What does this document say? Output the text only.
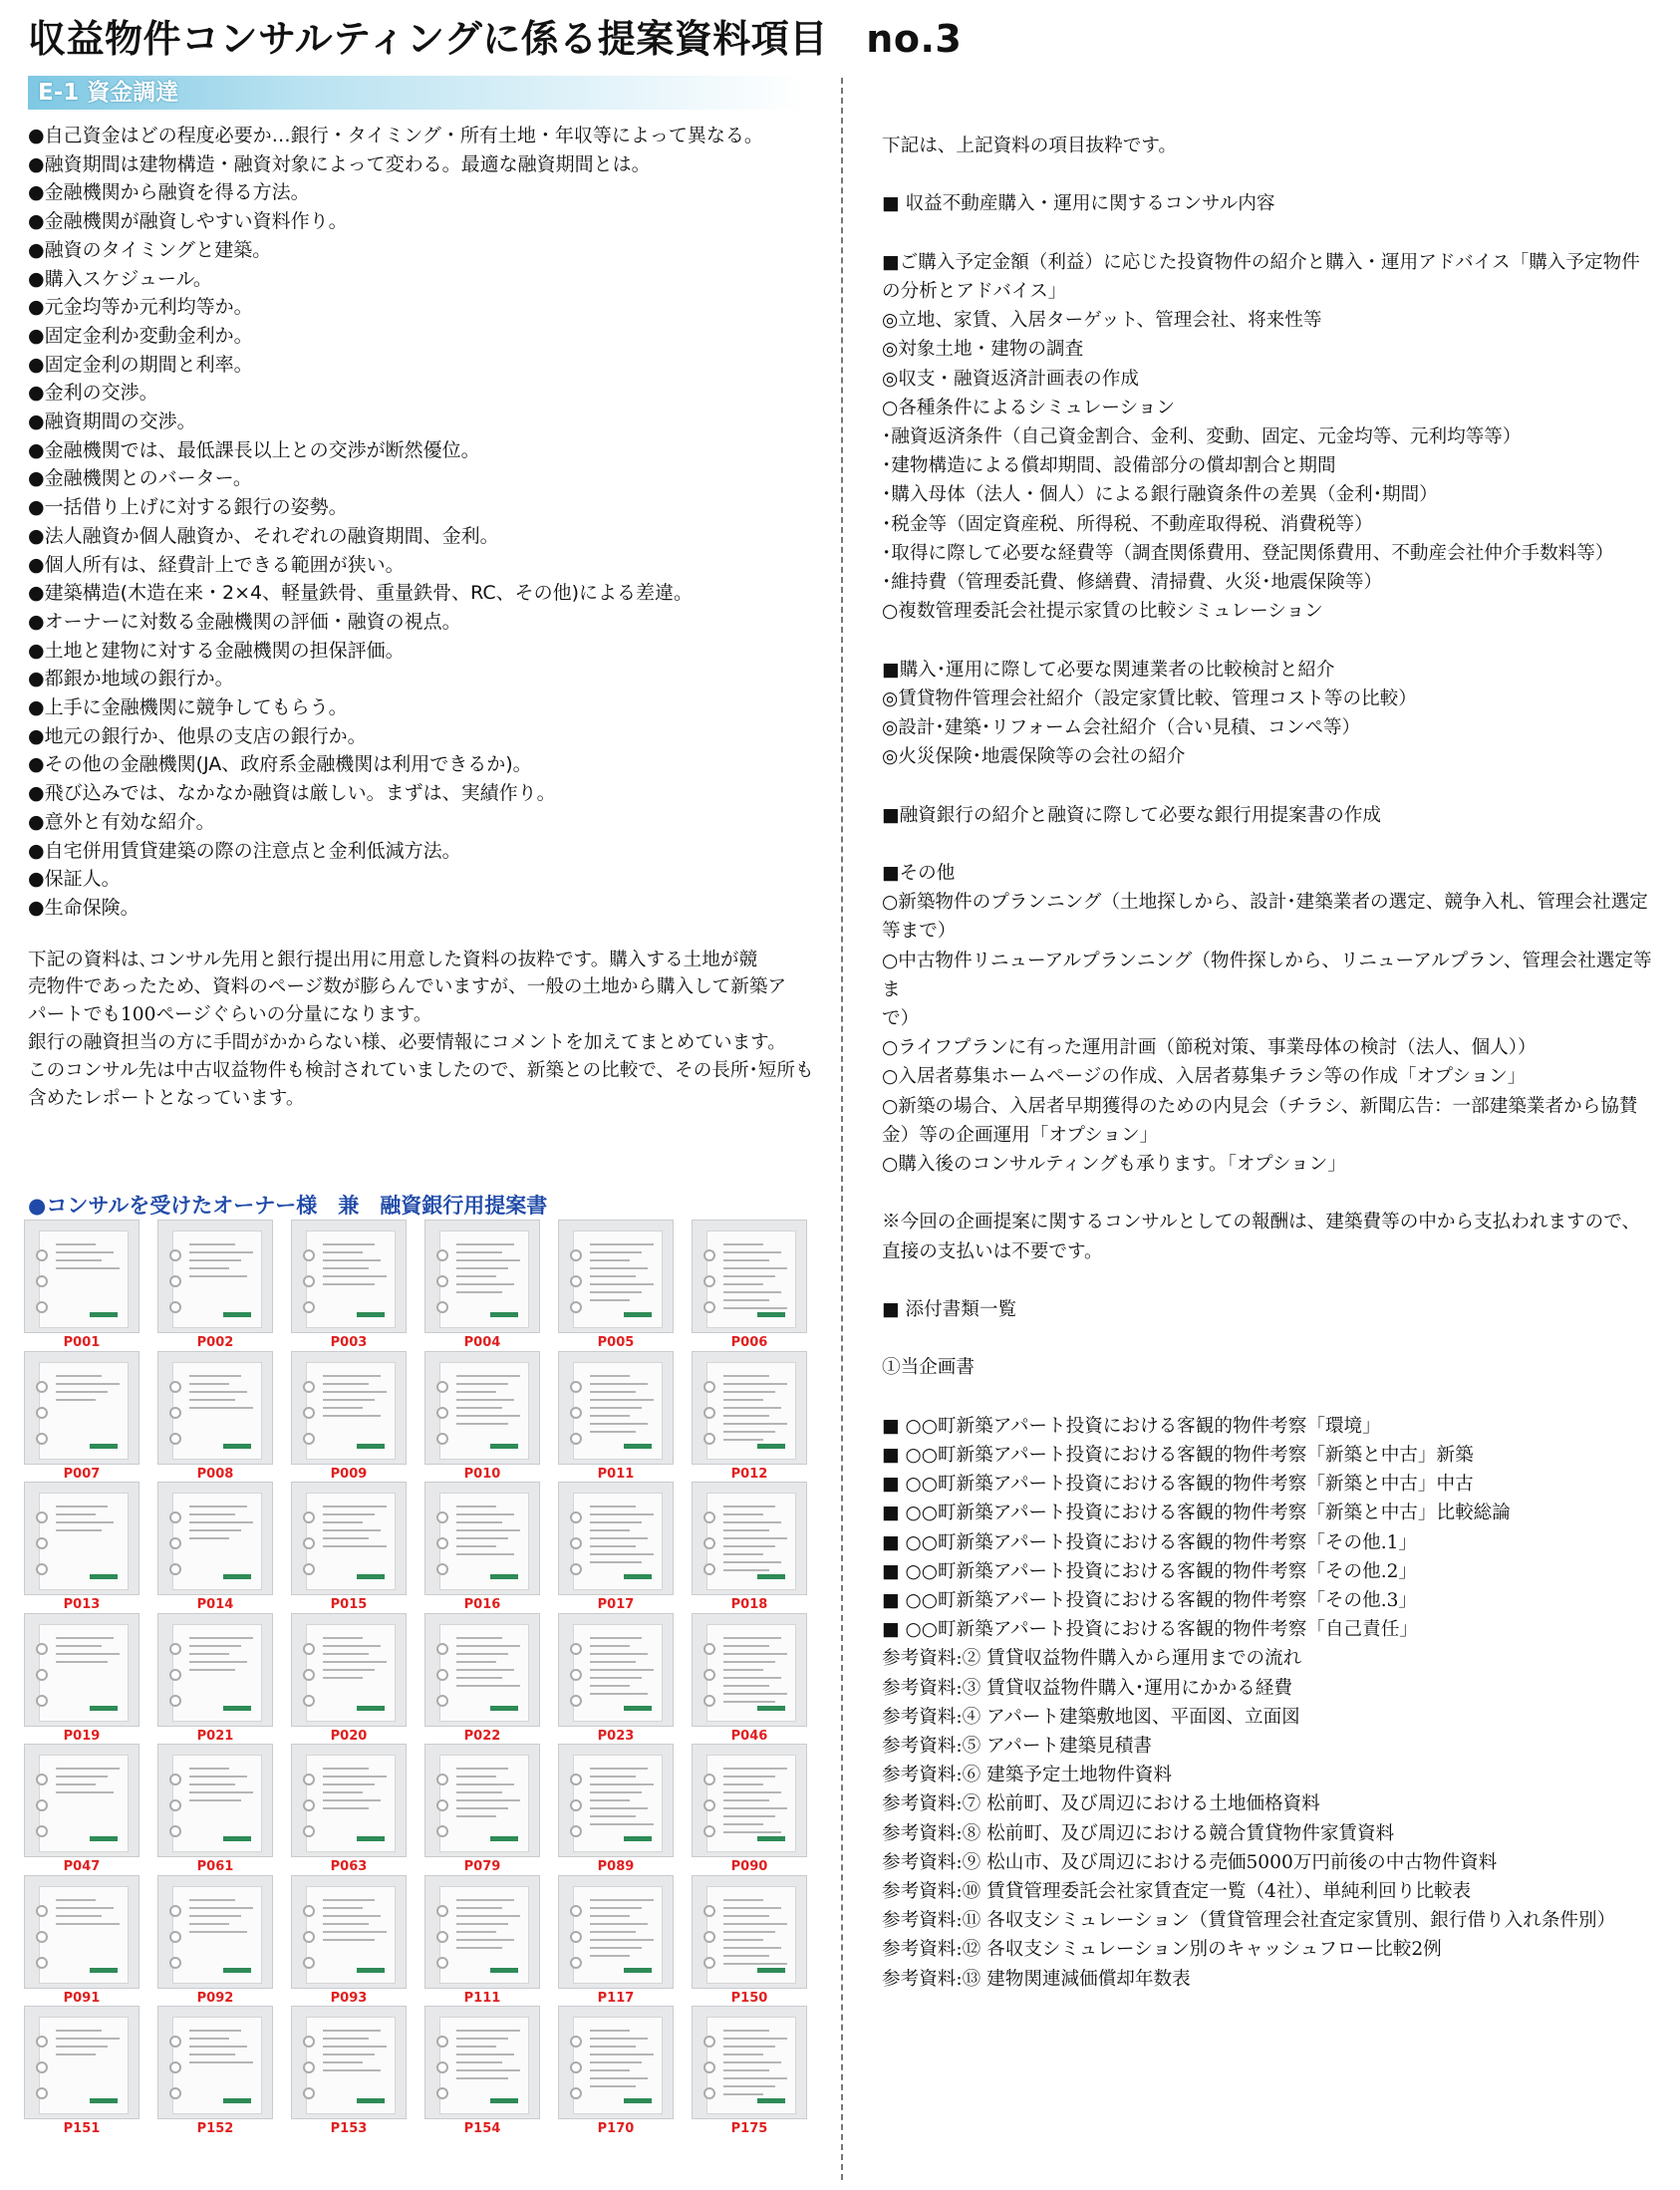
収益物件コンサルティングに係る提案資料項目　no.3
E-1 資金調達
●自己資金はどの程度必要か…銀行・タイミング・所有土地・年収等によって異なる。
●融資期間は建物構造・融資対象によって変わる。最適な融資期間とは。
●金融機関から融資を得る方法。
●金融機関が融資しやすい資料作り。
●融資のタイミングと建築。
●購入スケジュール。
●元金均等か元利均等か。
●固定金利か変動金利か。
●固定金利の期間と利率。
●金利の交渉。
●融資期間の交渉。
●金融機関では、最低課長以上との交渉が断然優位。
●金融機関とのバーター。
●一括借り上げに対する銀行の姿勢。
●法人融資か個人融資か、それぞれの融資期間、金利。
●個人所有は、経費計上できる範囲が狭い。
●建築構造(木造在来・2×4、軽量鉄骨、重量鉄骨、RC、その他)による差違。
●オーナーに対数る金融機関の評価・融資の視点。
●土地と建物に対する金融機関の担保評価。
●都銀か地域の銀行か。
●上手に金融機関に競争してもらう。
●地元の銀行か、他県の支店の銀行か。
●その他の金融機関(JA、政府系金融機関は利用できるか)。
●飛び込みでは、なかなか融資は厳しい。まずは、実績作り。
●意外と有効な紹介。
●自宅併用賃貸建築の際の注意点と金利低減方法。
●保証人。
●生命保険。

下記の資料は､コンサル先用と銀行提出用に用意した資料の抜粋です。購入する土地が競

売物件であったため、資料のページ数が膨らんでいますが、一般の土地から購入して新築ア

パートでも100ページぐらいの分量になります。

銀行の融資担当の方に手間がかからない様、必要情報にコメントを加えてまとめています。

このコンサル先は中古収益物件も検討されていましたので、新築との比較で、その長所･短所も

含めたレポートとなっています。

●コンサルを受けたオーナー様　兼　融資銀行用提案書
P001	P002	P003	P004	P005	P006
P007	P008	P009	P010	P011	P012
P013	P014	P015	P016	P017	P018
P019	P021	P020	P022	P023	P046
P047	P061	P063	P079	P089	P090
P091	P092	P093	P111	P117	P150
P151	P152	P153	P154	P170	P175
下記は、上記資料の項目抜粋です。
■ 収益不動産購入・運用に関するコンサル内容
■ご購入予定金額（利益）に応じた投資物件の紹介と購入・運用アドバイス「購入予定物件
の分析とアドバイス」
◎立地、家賃、入居ターゲット、管理会社、将来性等
◎対象土地・建物の調査
◎収支・融資返済計画表の作成
○各種条件によるシミュレーション
･融資返済条件（自己資金割合、金利、変動、固定、元金均等、元利均等等）
･建物構造による償却期間、設備部分の償却割合と期間
･購入母体（法人・個人）による銀行融資条件の差異（金利･期間）
･税金等（固定資産税、所得税、不動産取得税、消費税等）
･取得に際して必要な経費等（調査関係費用、登記関係費用、不動産会社仲介手数料等）
･維持費（管理委託費、修繕費、清掃費、火災･地震保険等）
○複数管理委託会社提示家賃の比較シミュレーション
■購入･運用に際して必要な関連業者の比較検討と紹介
◎賃貸物件管理会社紹介（設定家賃比較、管理コスト等の比較）
◎設計･建築･リフォーム会社紹介（合い見積、コンペ等）
◎火災保険･地震保険等の会社の紹介
■融資銀行の紹介と融資に際して必要な銀行用提案書の作成
■その他
○新築物件のプランニング（土地探しから、設計･建築業者の選定、競争入札、管理会社選定
等まで）
○中古物件リニューアルプランニング（物件探しから、リニューアルプラン、管理会社選定等ま
で）
○ライフプランに有った運用計画（節税対策、事業母体の検討（法人、個人））
○入居者募集ホームページの作成、入居者募集チラシ等の作成「オプション」
○新築の場合、入居者早期獲得のための内見会（チラシ、新聞広告：一部建築業者から協賛
金）等の企画運用「オプション」
○購入後のコンサルティングも承ります。「オプション」
※今回の企画提案に関するコンサルとしての報酬は、建築費等の中から支払われますので、
直接の支払いは不要です。
■ 添付書類一覧
①当企画書
■ ○○町新築アパート投資における客観的物件考察「環境」
■ ○○町新築アパート投資における客観的物件考察「新築と中古」新築
■ ○○町新築アパート投資における客観的物件考察「新築と中古」中古
■ ○○町新築アパート投資における客観的物件考察「新築と中古」比較総論
■ ○○町新築アパート投資における客観的物件考察「その他.1」
■ ○○町新築アパート投資における客観的物件考察「その他.2」
■ ○○町新築アパート投資における客観的物件考察「その他.3」
■ ○○町新築アパート投資における客観的物件考察「自己責任」
参考資料:② 賃貸収益物件購入から運用までの流れ
参考資料:③ 賃貸収益物件購入･運用にかかる経費
参考資料:④ アパート建築敷地図、平面図、立面図
参考資料:⑤ アパート建築見積書
参考資料:⑥ 建築予定土地物件資料
参考資料:⑦ 松前町、及び周辺における土地価格資料
参考資料:⑧ 松前町、及び周辺における競合賃貸物件家賃資料
参考資料:⑨ 松山市、及び周辺における売価5000万円前後の中古物件資料
参考資料:⑩ 賃貸管理委託会社家賃査定一覧（4社）、単純利回り比較表
参考資料:⑪ 各収支シミュレーション（賃貸管理会社査定家賃別、銀行借り入れ条件別）
参考資料:⑫ 各収支シミュレーション別のキャッシュフロー比較2例
参考資料:⑬ 建物関連減価償却年数表
